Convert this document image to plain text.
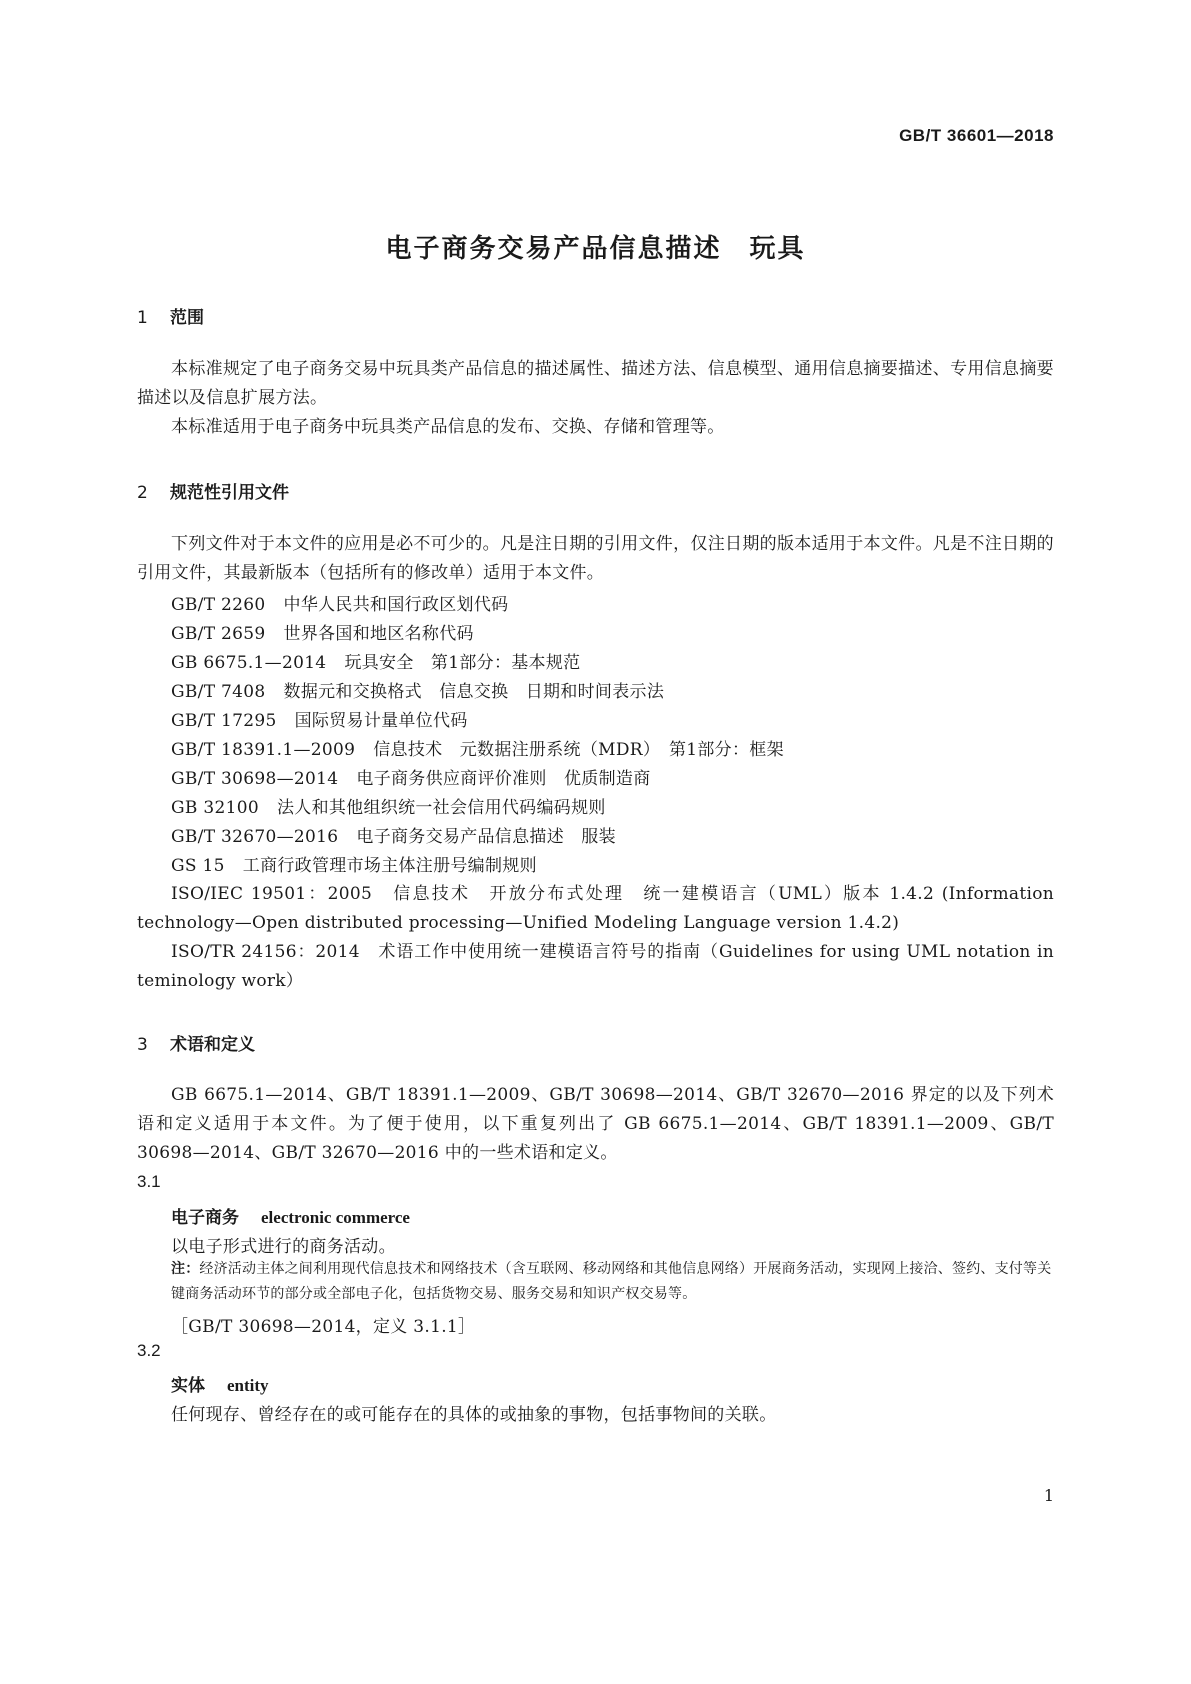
GB/T 36601—2018
电子商务交易产品信息描述　玩具
1 范围
本标准规定了电子商务交易中玩具类产品信息的描述属性、描述方法、信息模型、通用信息摘要描述、专用信息摘要描述以及信息扩展方法。
本标准适用于电子商务中玩具类产品信息的发布、交换、存储和管理等。
2 规范性引用文件
下列文件对于本文件的应用是必不可少的。凡是注日期的引用文件，仅注日期的版本适用于本文件。凡是不注日期的引用文件，其最新版本（包括所有的修改单）适用于本文件。
GB/T 2260 中华人民共和国行政区划代码
GB/T 2659 世界各国和地区名称代码
GB 6675.1—2014 玩具安全　第1部分：基本规范
GB/T 7408 数据元和交换格式　信息交换　日期和时间表示法
GB/T 17295 国际贸易计量单位代码
GB/T 18391.1—2009 信息技术　元数据注册系统（MDR）　第1部分：框架
GB/T 30698—2014 电子商务供应商评价准则　优质制造商
GB 32100 法人和其他组织统一社会信用代码编码规则
GB/T 32670—2016 电子商务交易产品信息描述　服装
GS 15 工商行政管理市场主体注册号编制规则
ISO/IEC 19501：2005　信息技术　开放分布式处理　统一建模语言（UML）版本 1.4.2 (Information technology—Open distributed processing—Unified Modeling Language version 1.4.2)
ISO/TR 24156：2014　术语工作中使用统一建模语言符号的指南（Guidelines for using UML notation in teminology work）
3 术语和定义
GB 6675.1—2014、GB/T 18391.1—2009、GB/T 30698—2014、GB/T 32670—2016 界定的以及下列术语和定义适用于本文件。为了便于使用，以下重复列出了 GB 6675.1—2014、GB/T 18391.1—2009、GB/T 30698—2014、GB/T 32670—2016 中的一些术语和定义。
3.1
电子商务 electronic commerce
以电子形式进行的商务活动。
注：经济活动主体之间利用现代信息技术和网络技术（含互联网、移动网络和其他信息网络）开展商务活动，实现网上接洽、签约、支付等关键商务活动环节的部分或全部电子化，包括货物交易、服务交易和知识产权交易等。
［GB/T 30698—2014，定义 3.1.1］
3.2
实体 entity
任何现存、曾经存在的或可能存在的具体的或抽象的事物，包括事物间的关联。
1
